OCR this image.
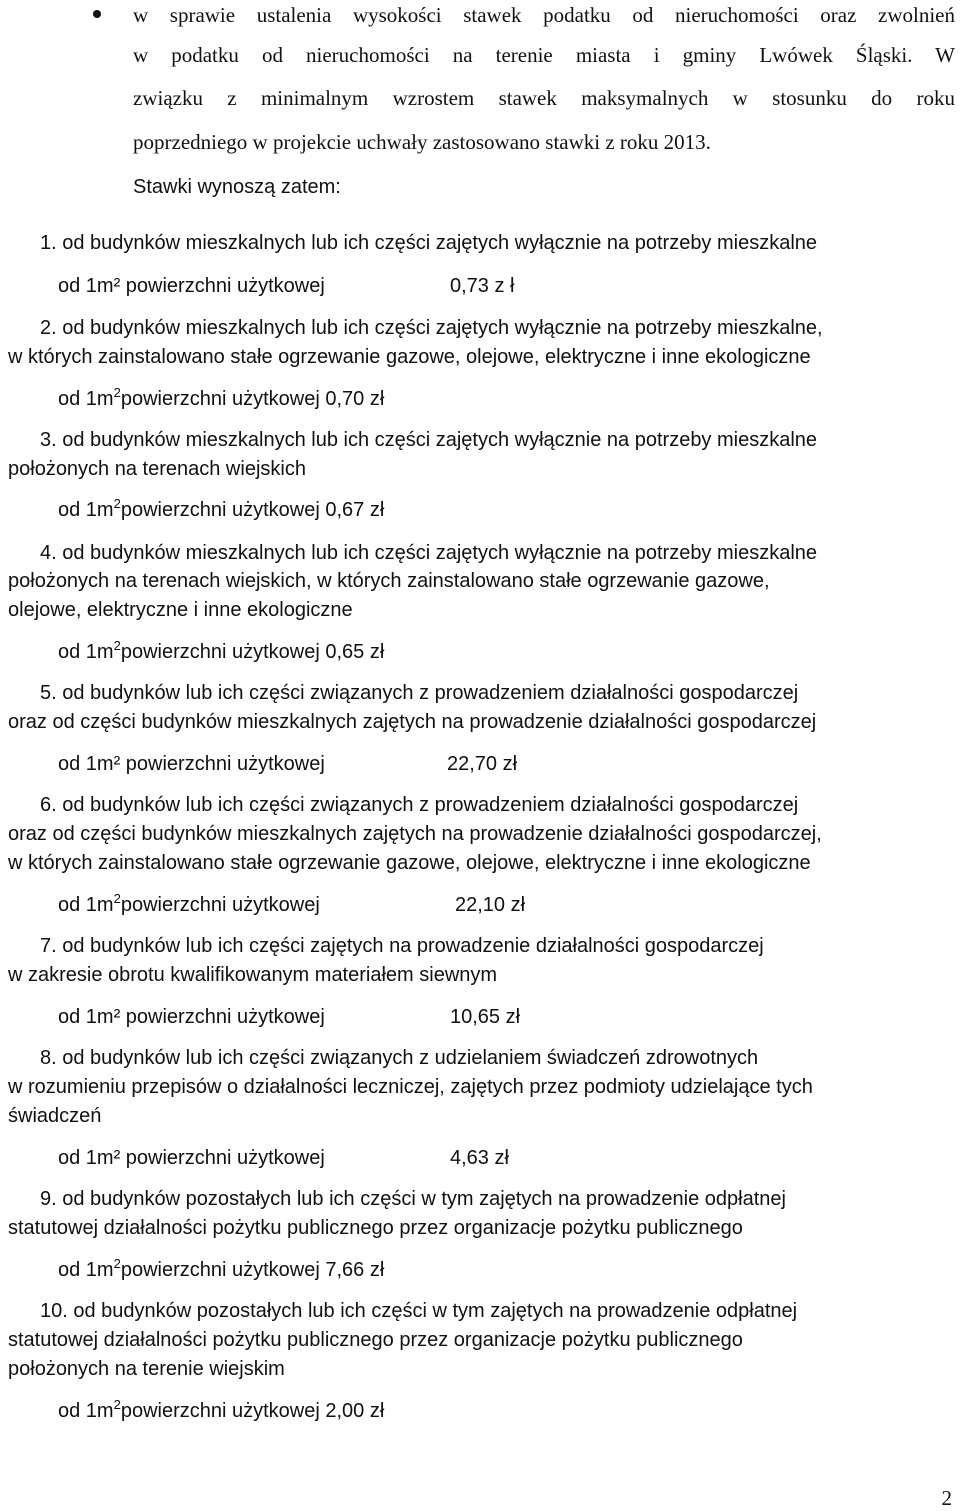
w sprawie ustalenia wysokości stawek podatku od nieruchomości oraz zwolnień
w podatku od nieruchomości na terenie miasta i gminy Lwówek Śląski. W
związku z minimalnym wzrostem stawek maksymalnych w stosunku do roku
poprzedniego w projekcie uchwały zastosowano stawki z roku 2013.
Stawki wynoszą zatem:
1. od budynków mieszkalnych lub ich części zajętych wyłącznie na potrzeby mieszkalne
od 1m² powierzchni użytkowej	0,73 z ł
2. od budynków mieszkalnych lub ich części zajętych wyłącznie na potrzeby mieszkalne,
w których zainstalowano stałe ogrzewanie gazowe, olejowe, elektryczne i inne ekologiczne
od $1m^2powierzchni$ użytkowej 0,70 zł
3. od budynków mieszkalnych lub ich części zajętych wyłącznie na potrzeby mieszkalne
położonych na terenach wiejskich
od $1m^2powierzchni$ użytkowej 0,67 zł
4. od budynków mieszkalnych lub ich części zajętych wyłącznie na potrzeby mieszkalne
położonych na terenach wiejskich, w których zainstalowano stałe ogrzewanie gazowe,
olejowe, elektryczne i inne ekologiczne
od $1m^2powierzchni$ użytkowej 0,65 zł
5. od budynków lub ich części związanych z prowadzeniem działalności gospodarczej
oraz od części budynków mieszkalnych zajętych na prowadzenie działalności gospodarczej
od 1m² powierzchni użytkowej	22,70 zł
6. od budynków lub ich części związanych z prowadzeniem działalności gospodarczej
oraz od części budynków mieszkalnych zajętych na prowadzenie działalności gospodarczej,
w których zainstalowano stałe ogrzewanie gazowe, olejowe, elektryczne i inne ekologiczne
od $1m^2powierzchni$ użytkowej	22,10 zł
7. od budynków lub ich części zajętych na prowadzenie działalności gospodarczej
w zakresie obrotu kwalifikowanym materiałem siewnym
od 1m² powierzchni użytkowej	10,65 zł
8. od budynków lub ich części związanych z udzielaniem świadczeń zdrowotnych
w rozumieniu przepisów o działalności leczniczej, zajętych przez podmioty udzielające tych
świadczeń
od 1m² powierzchni użytkowej	4,63 zł
9. od budynków pozostałych lub ich części w tym zajętych na prowadzenie odpłatnej
statutowej działalności pożytku publicznego przez organizacje pożytku publicznego
od $1m^2powierzchni$ użytkowej 7,66 zł
10. od budynków pozostałych lub ich części w tym zajętych na prowadzenie odpłatnej
statutowej działalności pożytku publicznego przez organizacje pożytku publicznego
położonych na terenie wiejskim
od $1m^2powierzchni$ użytkowej 2,00 zł
2
